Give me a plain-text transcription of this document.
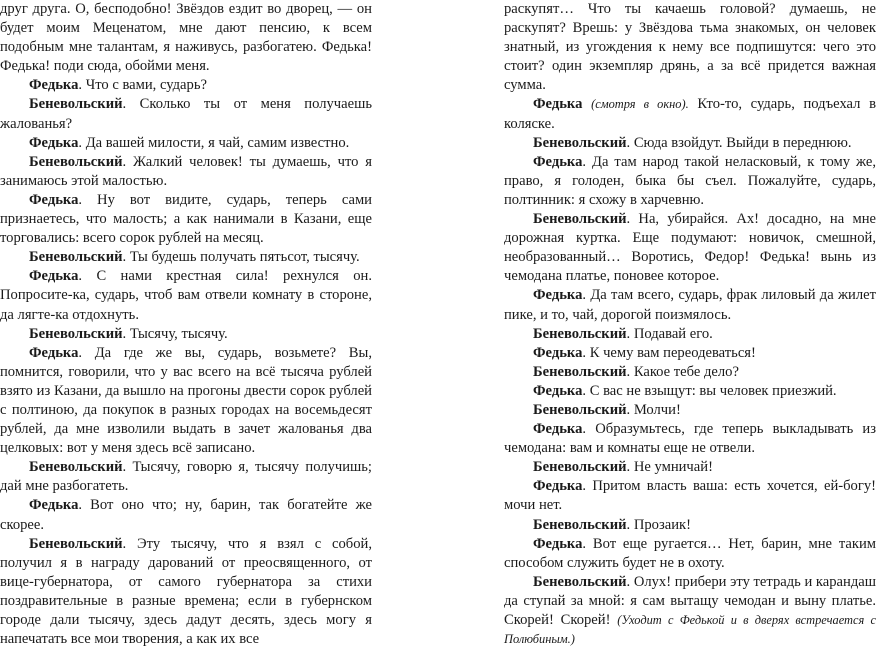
друг друга. О, бесподобно! Звёздов ездит во дворец, — он будет моим Меценатом, мне дают пенсию, к всем подобным мне талантам, я наживусь, разбогатею. Федька! Федька! поди сюда, обойми меня.

Федька. Что с вами, сударь?

Беневольский. Сколько ты от меня получаешь жалованья?

Федька. Да вашей милости, я чай, самим известно.

Беневольский. Жалкий человек! ты думаешь, что я занимаюсь этой малостью.

Федька. Ну вот видите, сударь, теперь сами признаетесь, что малость; а как нанимали в Казани, еще торговались: всего сорок рублей на месяц.

Беневольский. Ты будешь получать пятьсот, тысячу.

Федька. С нами крестная сила! рехнулся он. Попросите-ка, сударь, чтоб вам отвели комнату в стороне, да лягте-ка отдохнуть.

Беневольский. Тысячу, тысячу.

Федька. Да где же вы, сударь, возьмете? Вы, помнится, говорили, что у вас всего на всё тысяча рублей взято из Казани, да вышло на прогоны двести сорок рублей с полтиною, да покупок в разных городах на восемьдесят рублей, да мне изволили выдать в зачет жалованья два целковых: вот у меня здесь всё записано.

Беневольский. Тысячу, говорю я, тысячу получишь; дай мне разбогатеть.

Федька. Вот оно что; ну, барин, так богатейте же скорее.

Беневольский. Эту тысячу, что я взял с собой, получил я в награду дарований от преосвященного, от вице-губернатора, от самого губернатора за стихи поздравительные в разные времена; если в губернском городе дали тысячу, здесь дадут десять, здесь могу я напечатать все мои творения, а как их все

раскупят… Что ты качаешь головой? думаешь, не раскупят? Врешь: у Звёздова тьма знакомых, он человек знатный, из угождения к нему все подпишутся: чего это стоит? один экземпляр дрянь, а за всё придется важная сумма.

Федька (смотря в окно). Кто-то, сударь, подъехал в коляске.

Беневольский. Сюда взойдут. Выйди в переднюю.

Федька. Да там народ такой неласковый, к тому же, право, я голоден, быка бы съел. Пожалуйте, сударь, полтинник: я схожу в харчевню.

Беневольский. На, убирайся. Ах! досадно, на мне дорожная куртка. Еще подумают: новичок, смешной, необразованный… Воротись, Федор! Федька! вынь из чемодана платье, поновее которое.

Федька. Да там всего, сударь, фрак лиловый да жилет пике, и то, чай, дорогой поизмялось.

Беневольский. Подавай его.

Федька. К чему вам переодеваться!

Беневольский. Какое тебе дело?

Федька. С вас не взыщут: вы человек приезжий.

Беневольский. Молчи!

Федька. Образумьтесь, где теперь выкладывать из чемодана: вам и комнаты еще не отвели.

Беневольский. Не умничай!

Федька. Притом власть ваша: есть хочется, ей-богу! мочи нет.

Беневольский. Прозаик!

Федька. Вот еще ругается… Нет, барин, мне таким способом служить будет не в охоту.

Беневольский. Олух! прибери эту тетрадь и карандаш да ступай за мной: я сам вытащу чемодан и выну платье. Скорей! Скорей! (Уходит с Федькой и в дверях встречается с Полюбиным.)
